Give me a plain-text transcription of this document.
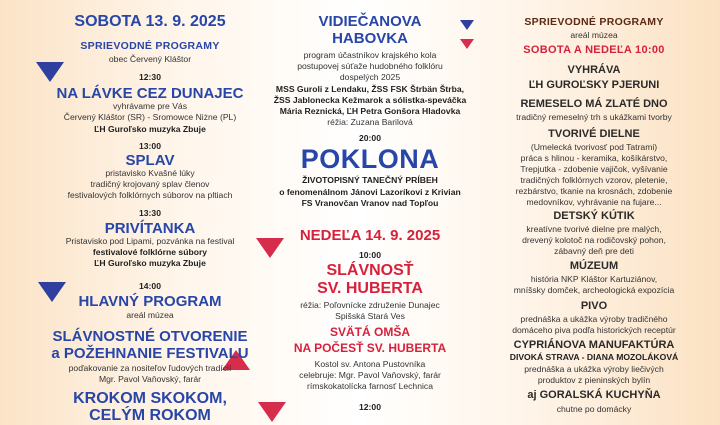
SOBOTA 13. 9. 2025
SPRIEVODNÉ PROGRAMY
obec Červený Kláštor
12:30
NA LÁVKE CEZ DUNAJEC
vyhrávame pre Vás
Červený Kláštor (SR) - Sromowce Niżne (PL)
ĽH Guroľsko muzyka Zbuje
13:00
SPLAV
pristavisko Kvašné lúky
tradičný krojovaný splav členov
festivalových folklórnych súborov na pltiach
13:30
PRIVÍTANKA
Pristavisko pod Lipami, pozvánka na festival
festivalové folklórne súbory
ĽH Guroľsko muzyka Zbuje
14:00
HLAVNÝ PROGRAM
areál múzea
SLÁVNOSTNÉ OTVORENIE
a POŽEHNANIE FESTIVALU
poďakovanie za nositeľov ľudových tradícií
Mgr. Pavol Vaňovský, farár
KROKOM SKOKOM,
CELÝM ROKOM
VIDIEČANOVA
HABOVKA
program účastníkov krajského kola
postupovej súťaže hudobného folklóru
dospelých 2025
MSS Guroli z Lendaku, ŽSS FSK Štrbän Štrba,
ŽSS Jablonecka Kežmarok a sólistka-speváčka
Mária Reznická, ĽH Petra Gonšora Hladovka
réžia: Zuzana Barilová
20:00
POKLONA
ŽIVOTOPISNÝ TANEČNÝ PRÍBEH
o fenomenálnom Jánovi Lazoríkovi z Krivian
FS Vranovčan Vranov nad Topľou
NEDEĽA 14. 9. 2025
10:00
SLÁVNOSŤ
SV. HUBERTA
réžia: Poľovnícke združenie Dunajec
Spišská Stará Ves
SVÄTÁ OMŠA
NA POČESŤ SV. HUBERTA
Kostol sv. Antona Pustovníka
celebruje: Mgr. Pavol Vaňovský, farár
rímskokatolícka farnosť Lechnica
12:00
SPRIEVODNÉ PROGRAMY
areál múzea
SOBOTA A NEDEĽA 10:00
VYHRÁVA
ĽH GUROĽSKY PJERUNI
REMESELO MÁ ZLATÉ DNO
tradičný remeselný trh s ukážkami tvorby
TVORIVÉ DIELNE
(Umelecká tvorivosť pod Tatrami)
práca s hlinou - keramika, košíkárstvo,
Trepjutka - zdobenie vajičok, vyšívanie
tradičných folklórnych vzorov, pletenie,
rezbárstvo, tkanie na krosnách, zdobenie
medovníkov, vyhrávanie na fujare...
DETSKÝ KÚTIK
kreatívne tvorivé dielne pre malých,
drevený kolotoč na rodičovský pohon,
zábavný deň pre deti
MÚZEUM
história NKP Kláštor Kartuziánov,
mníšsky domček, archeologická expozícia
PIVO
prednáška a ukážka výroby tradičného
domáceho piva podľa historických receptúr
CYPRIÁNOVA MANUFAKTÚRA
DIVOKÁ STRAVA - DIANA MOZOLÁKOVÁ
prednáška a ukážka výroby liečivých
produktov z pieninských bylín
aj GORALSKÁ KUCHYŇA
chutne po domácky
